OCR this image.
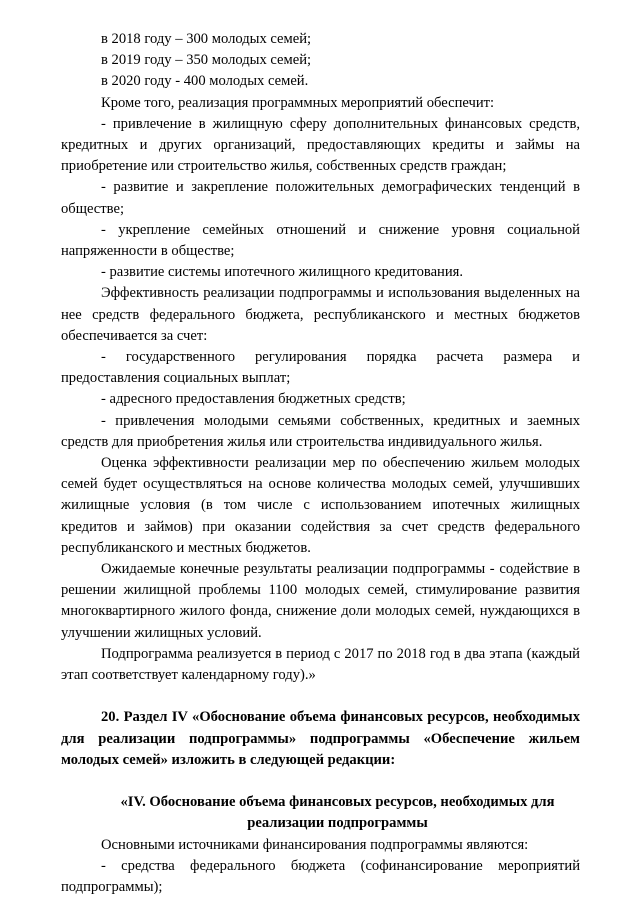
в 2018 году – 300 молодых семей;

в 2019 году – 350 молодых семей;

в 2020 году - 400 молодых семей.

Кроме того, реализация программных мероприятий обеспечит:

- привлечение в жилищную сферу дополнительных финансовых средств, кредитных и других организаций, предоставляющих кредиты и займы на приобретение или строительство жилья, собственных средств граждан;

- развитие и закрепление положительных демографических тенденций в обществе;

- укрепление семейных отношений и снижение уровня социальной напряженности в обществе;

- развитие системы ипотечного жилищного кредитования.

Эффективность реализации подпрограммы и использования выделенных на нее средств федерального бюджета, республиканского и местных бюджетов обеспечивается за счет:

- государственного регулирования порядка расчета размера и предоставления социальных выплат;

- адресного предоставления бюджетных средств;

- привлечения молодыми семьями собственных, кредитных и заемных средств для приобретения жилья или строительства индивидуального жилья.

Оценка эффективности реализации мер по обеспечению жильем молодых семей будет осуществляться на основе количества молодых семей, улучшивших жилищные условия (в том числе с использованием ипотечных жилищных кредитов и займов) при оказании содействия за счет средств федерального республиканского и местных бюджетов.

Ожидаемые конечные результаты реализации подпрограммы - содействие в решении жилищной проблемы 1100 молодых семей, стимулирование развития многоквартирного жилого фонда, снижение доли молодых семей, нуждающихся в улучшении жилищных условий.

Подпрограмма реализуется в период с 2017 по 2018 год в два этапа (каждый этап соответствует календарному году).»

20. Раздел IV «Обоснование объема финансовых ресурсов, необходимых для реализации подпрограммы» подпрограммы «Обеспечение жильем молодых семей» изложить в следующей редакции:

«IV. Обоснование объема финансовых ресурсов, необходимых для реализации подпрограммы

Основными источниками финансирования подпрограммы являются:

- средства федерального бюджета (софинансирование мероприятий подпрограммы);
